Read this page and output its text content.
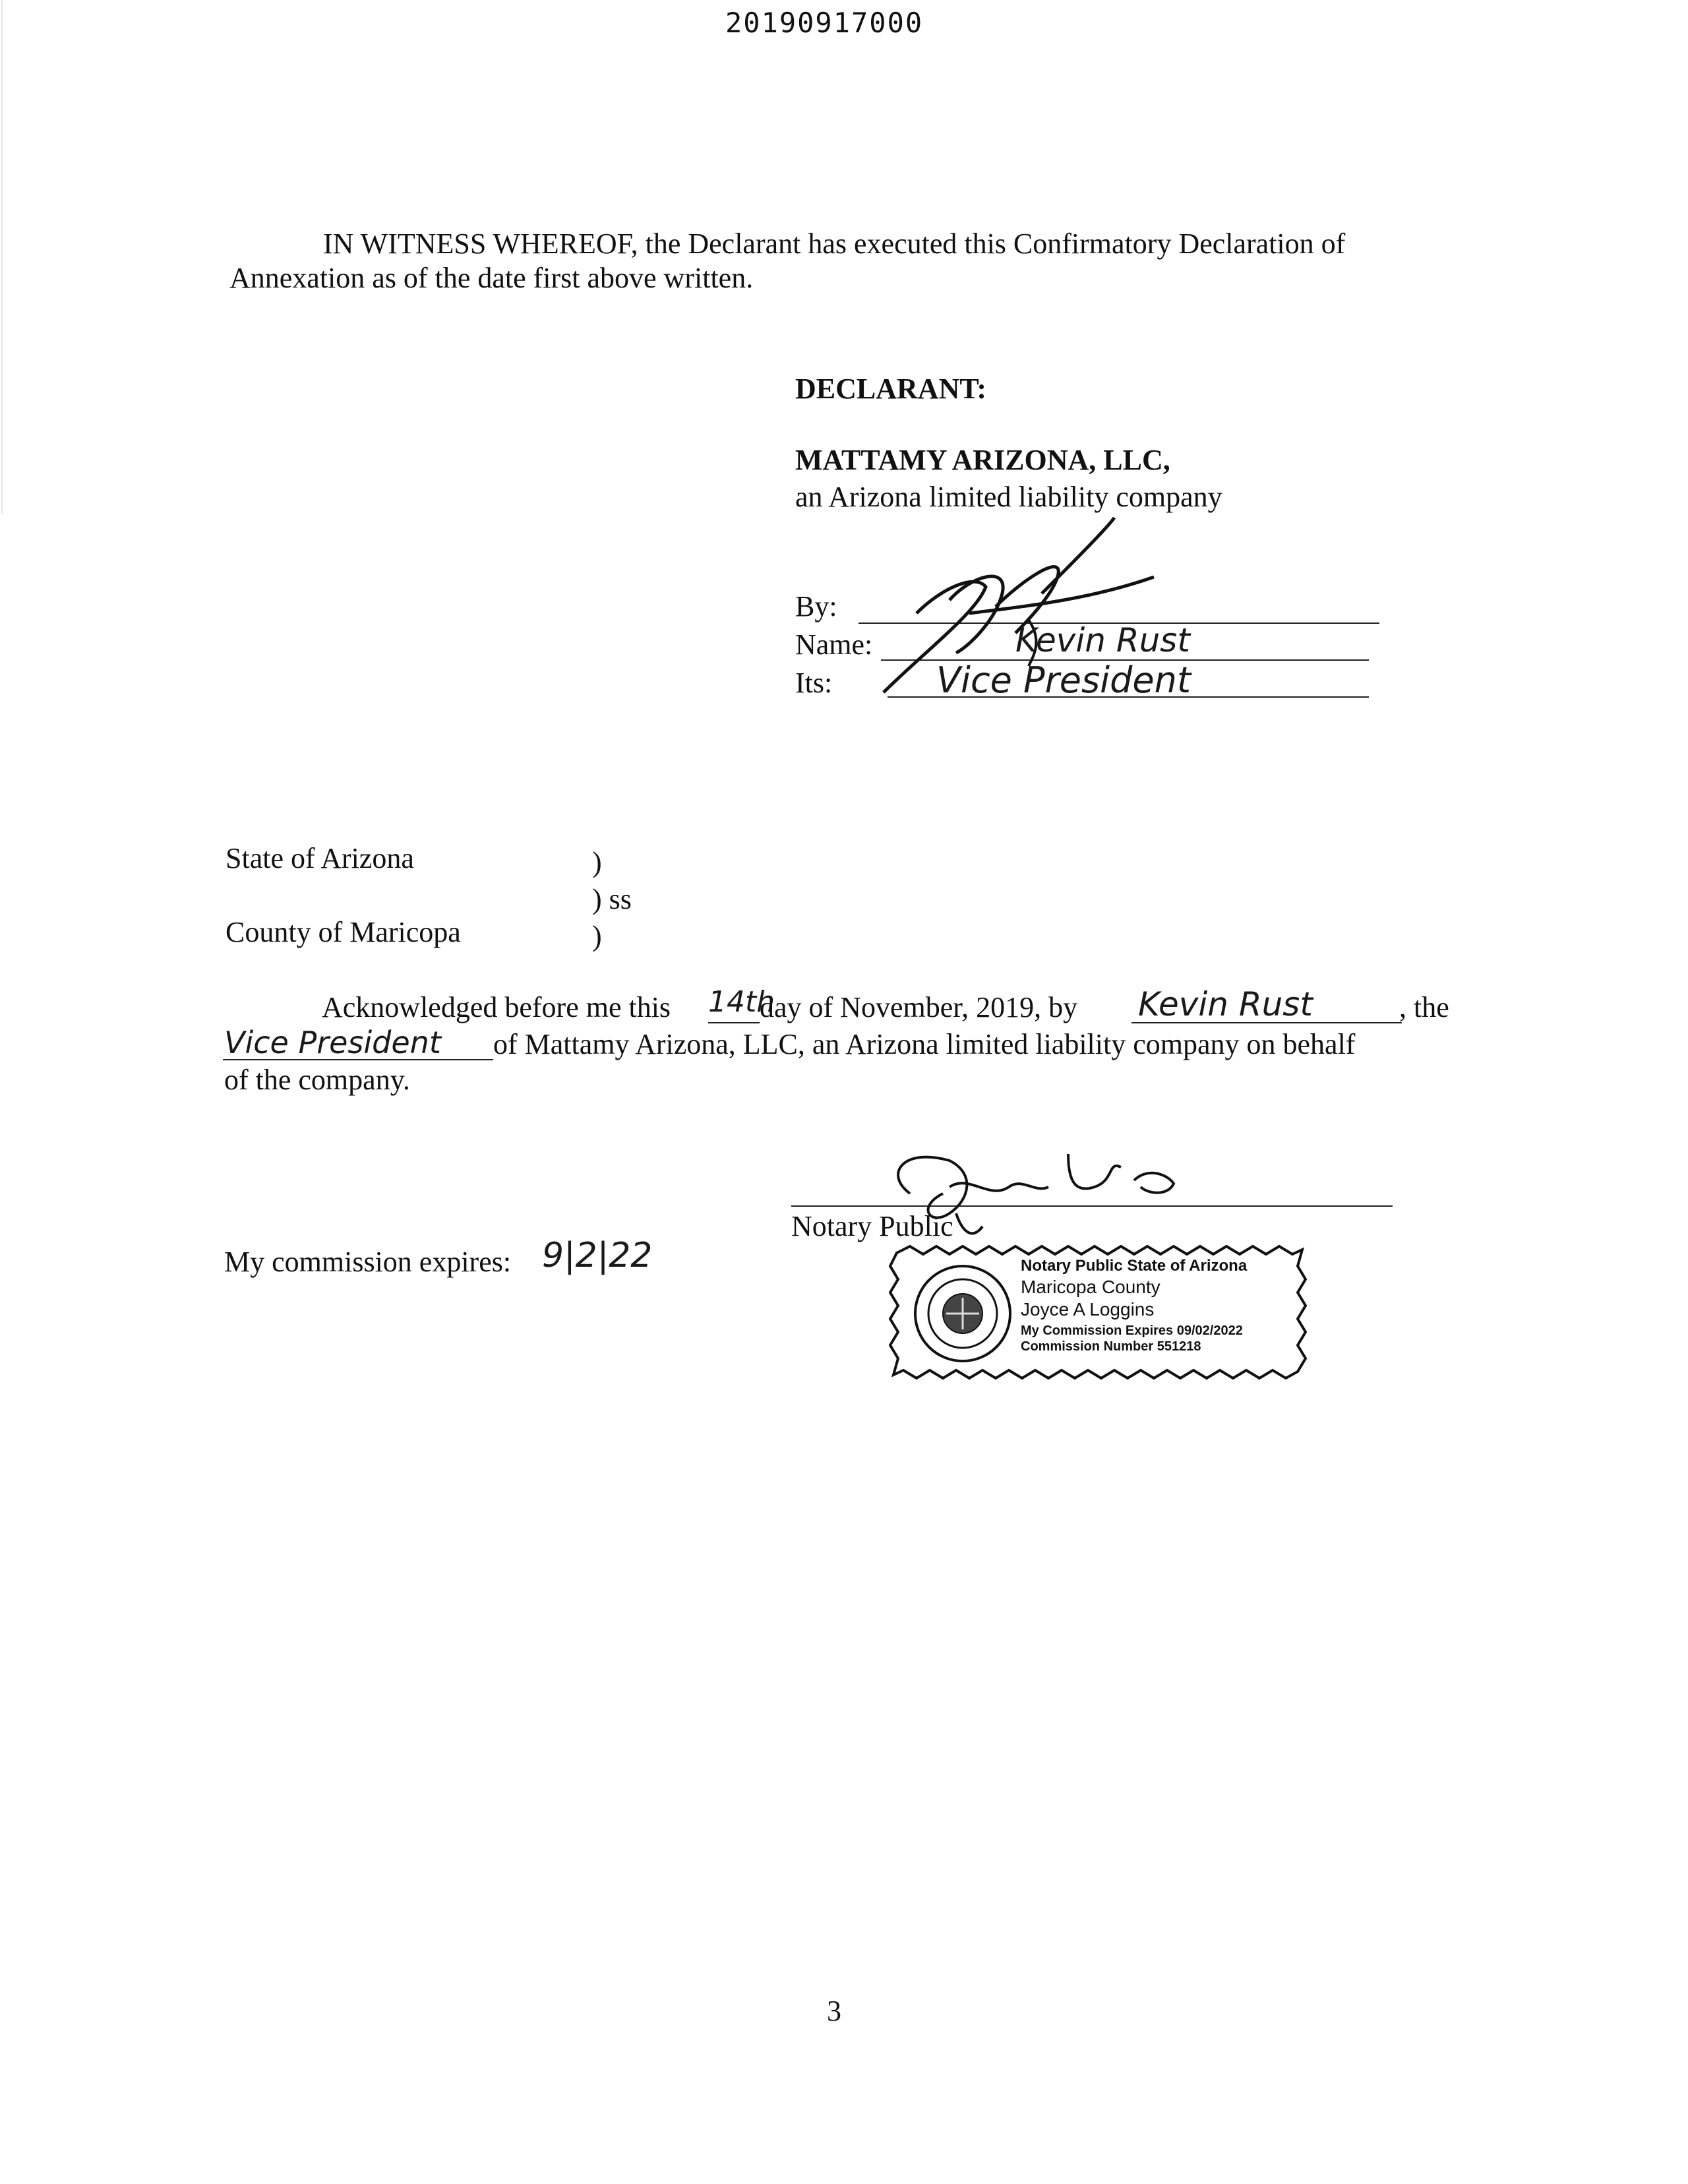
20190917000
IN WITNESS WHEREOF, the Declarant has executed this Confirmatory Declaration of
Annexation as of the date first above written.
DECLARANT:
MATTAMY ARIZONA, LLC,
an Arizona limited liability company
By:
Name:
Its:
Kevin Rust
Vice President
State of Arizona
County of Maricopa
)
) ss
)
Acknowledged before me this 14th
day of November, 2019, by Kevin Rust	, the
Vice President of Mattamy Arizona, LLC, an Arizona limited liability company on behalf
of the company.
Notary Public
My commission expires: 9|2|22	Notary Public State of Arizona
Maricopa County
Joyce A Loggins
My Commission Expires 09/02/2022
Commission Number 551218
3
